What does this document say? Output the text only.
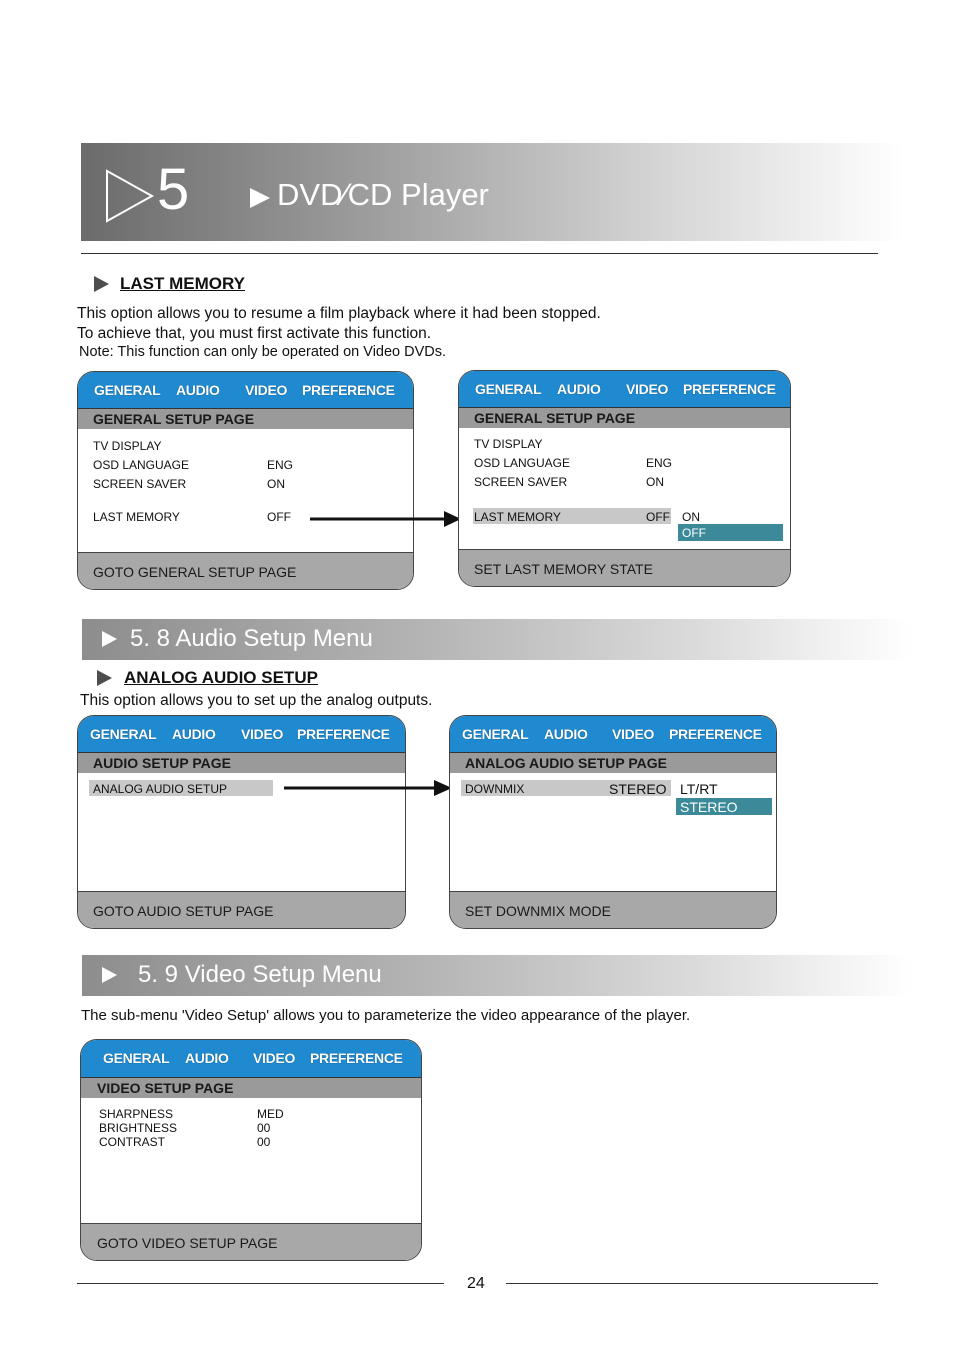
5	DVD∕CD Player
LAST MEMORY
This option allows you to resume a film playback where it had been stopped.
To achieve that, you must first activate this function.
Note: This function can only be operated on Video DVDs.
GENERAL AUDIO VIDEO PREFERENCE
GENERAL SETUP PAGE
TV DISPLAY
OSD LANGUAGE	ENG
SCREEN SAVER	ON
LAST MEMORY	OFF
GOTO GENERAL SETUP PAGE
GENERAL AUDIO VIDEO PREFERENCE
GENERAL SETUP PAGE
TV DISPLAY
OSD LANGUAGE	ENG
SCREEN SAVER	ON
LAST MEMORY	OFF ON
OFF
SET LAST MEMORY STATE
5. 8 Audio Setup Menu
ANALOG AUDIO SETUP
This option allows you to set up the analog outputs.
GENERAL AUDIO VIDEO PREFERENCE
AUDIO SETUP PAGE
ANALOG AUDIO SETUP
GOTO AUDIO SETUP PAGE
GENERAL AUDIO VIDEO PREFERENCE
ANALOG AUDIO SETUP PAGE
DOWNMIX	STEREO LT/RT
STEREO
SET DOWNMIX MODE
5. 9 Video Setup Menu
The sub-menu 'Video Setup' allows you to parameterize the video appearance of the player.
GENERAL AUDIO VIDEO PREFERENCE
VIDEO SETUP PAGE
SHARPNESS	MED
BRIGHTNESS	00
CONTRAST	00
GOTO VIDEO SETUP PAGE
24
